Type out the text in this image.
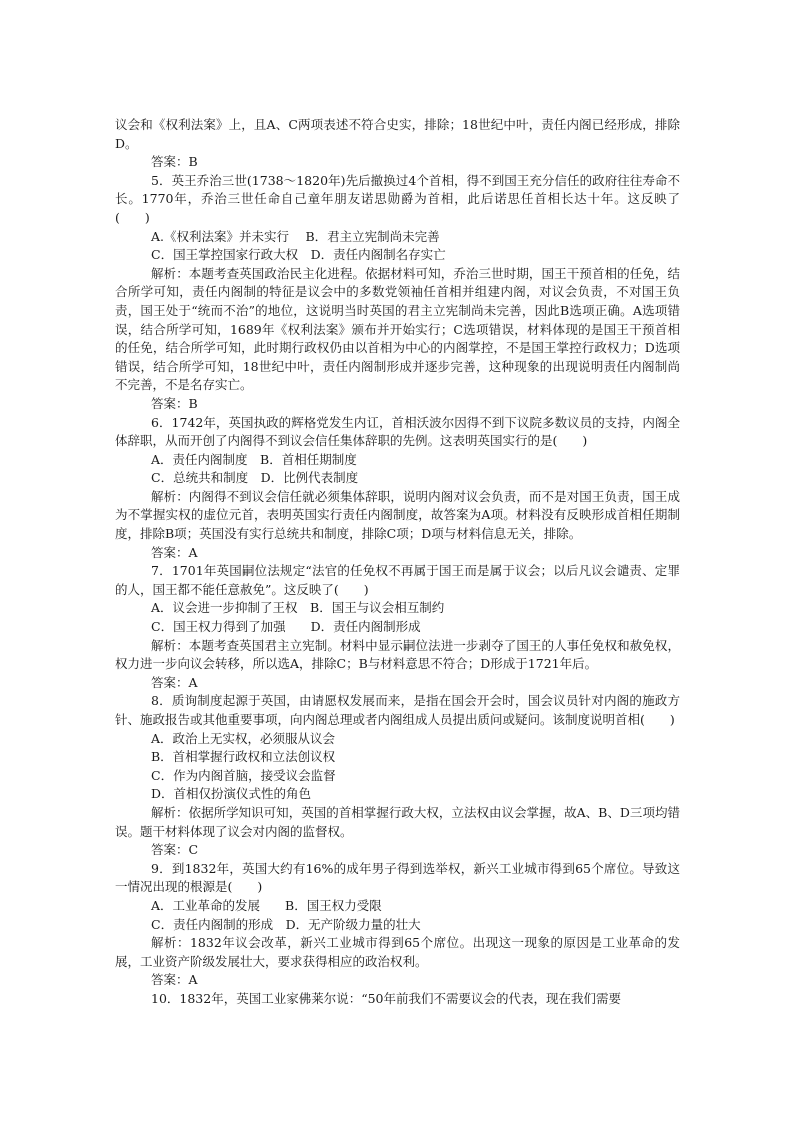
议会和《权利法案》上，且A、C两项表述不符合史实，排除；18世纪中叶，责任内阁已经形成，排除D。

答案：B

5．英王乔治三世(1738～1820年)先后撤换过4个首相，得不到国王充分信任的政府往往寿命不长。1770年，乔治三世任命自己童年朋友诺思勋爵为首相，此后诺思任首相长达十年。这反映了(　　)

A.《权利法案》并未实行　 B．君主立宪制尚未完善

C．国王掌控国家行政大权　D．责任内阁制名存实亡

解析：本题考查英国政治民主化进程。依据材料可知，乔治三世时期，国王干预首相的任免，结合所学可知，责任内阁制的特征是议会中的多数党领袖任首相并组建内阁，对议会负责，不对国王负责，国王处于“统而不治”的地位，这说明当时英国的君主立宪制尚未完善，因此B选项正确。A选项错误，结合所学可知，1689年《权利法案》颁布并开始实行；C选项错误，材料体现的是国王干预首相的任免，结合所学可知，此时期行政权仍由以首相为中心的内阁掌控，不是国王掌控行政权力；D选项错误，结合所学可知，18世纪中叶，责任内阁制形成并逐步完善，这种现象的出现说明责任内阁制尚不完善，不是名存实亡。

答案：B

6．1742年，英国执政的辉格党发生内讧，首相沃波尔因得不到下议院多数议员的支持，内阁全体辞职，从而开创了内阁得不到议会信任集体辞职的先例。这表明英国实行的是(　　)

A．责任内阁制度　B．首相任期制度

C．总统共和制度　D．比例代表制度

解析：内阁得不到议会信任就必须集体辞职，说明内阁对议会负责，而不是对国王负责，国王成为不掌握实权的虚位元首，表明英国实行责任内阁制度，故答案为A项。材料没有反映形成首相任期制度，排除B项；英国没有实行总统共和制度，排除C项；D项与材料信息无关，排除。

答案：A

7．1701年英国嗣位法规定“法官的任免权不再属于国王而是属于议会；以后凡议会谴责、定罪的人，国王都不能任意赦免”。这反映了(　　)

A．议会进一步抑制了王权　B．国王与议会相互制约

C．国王权力得到了加强　　D．责任内阁制形成

解析：本题考查英国君主立宪制。材料中显示嗣位法进一步剥夺了国王的人事任免权和赦免权，权力进一步向议会转移，所以选A，排除C；B与材料意思不符合；D形成于1721年后。

答案：A

8．质询制度起源于英国，由请愿权发展而来，是指在国会开会时，国会议员针对内阁的施政方针、施政报告或其他重要事项，向内阁总理或者内阁组成人员提出质问或疑问。该制度说明首相(　　)

A．政治上无实权，必须服从议会

B．首相掌握行政权和立法创议权

C．作为内阁首脑，接受议会监督

D．首相仅扮演仪式性的角色

解析：依据所学知识可知，英国的首相掌握行政大权，立法权由议会掌握，故A、B、D三项均错误。题干材料体现了议会对内阁的监督权。

答案：C

9．到1832年，英国大约有16%的成年男子得到选举权，新兴工业城市得到65个席位。导致这一情况出现的根源是(　　)

A．工业革命的发展　　B．国王权力受限

C．责任内阁制的形成　D．无产阶级力量的壮大

解析：1832年议会改革，新兴工业城市得到65个席位。出现这一现象的原因是工业革命的发展，工业资产阶级发展壮大，要求获得相应的政治权利。

答案：A

10．1832年，英国工业家佛莱尔说：“50年前我们不需要议会的代表，现在我们需要
